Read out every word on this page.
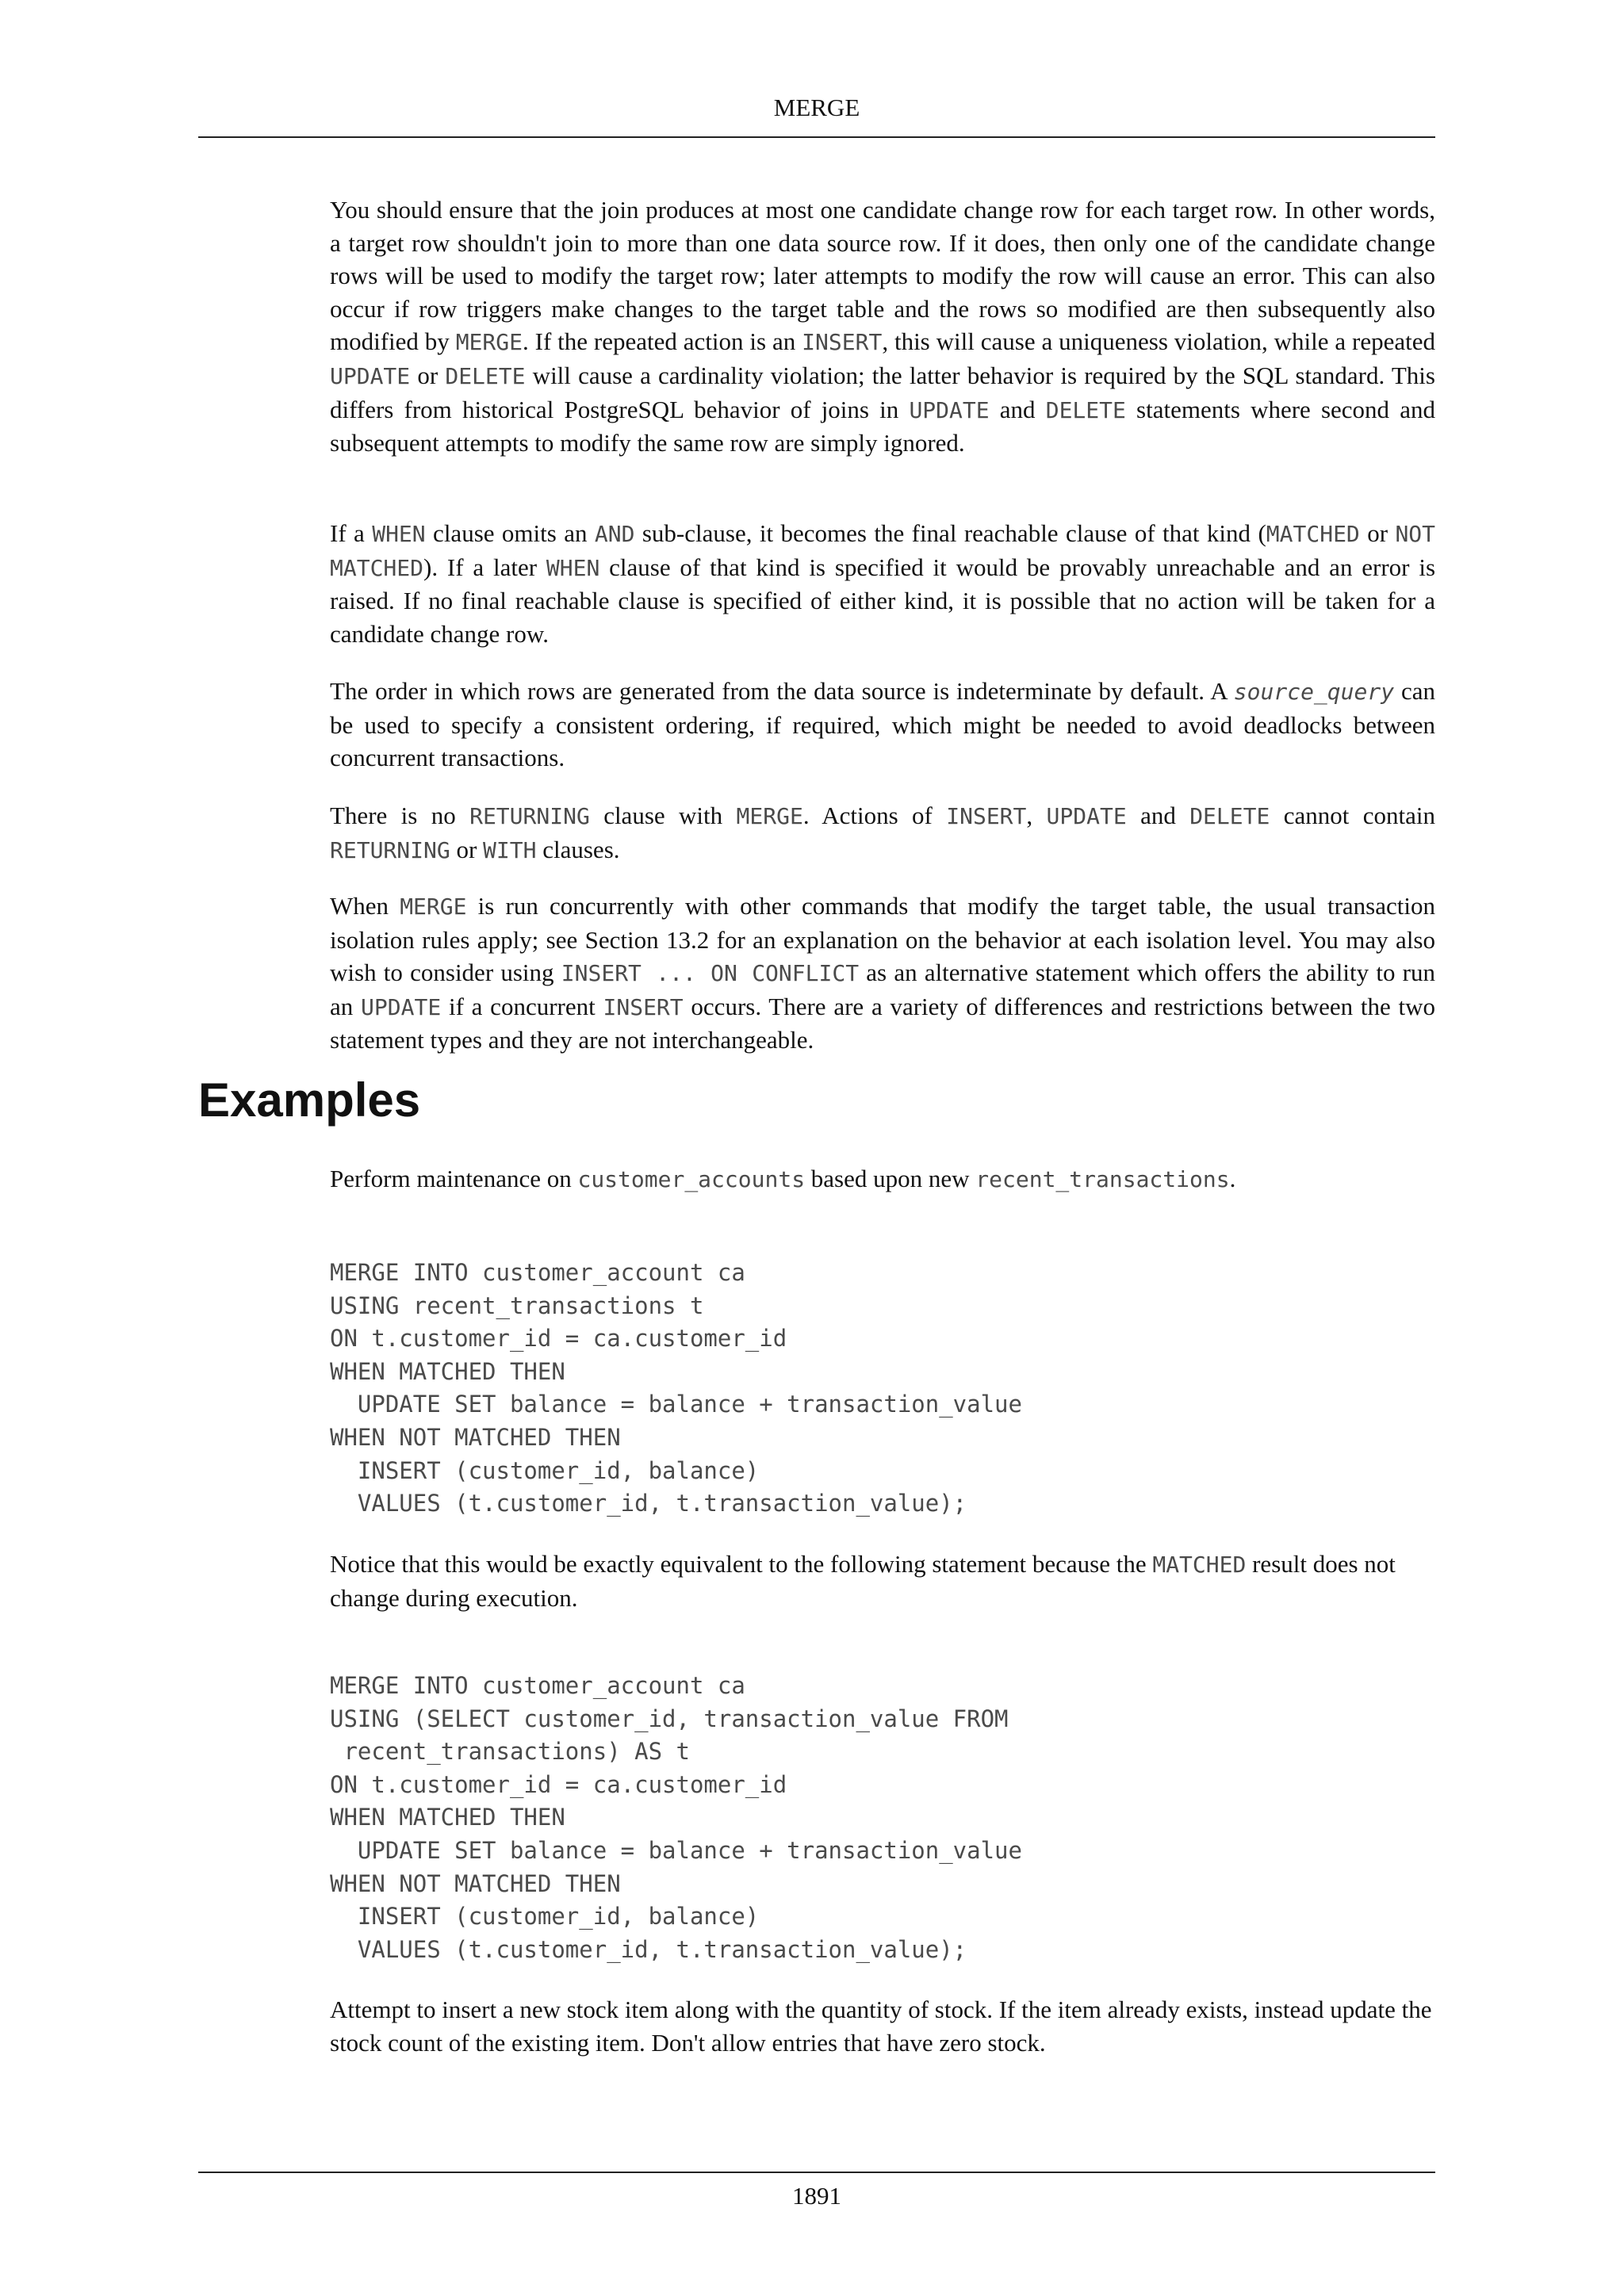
MERGE

You should ensure that the join produces at most one candidate change row for each target row. In other words, a target row shouldn't join to more than one data source row. If it does, then only one of the candidate change rows will be used to modify the target row; later attempts to modify the row will cause an error. This can also occur if row triggers make changes to the target table and the rows so modified are then subsequently also modified by MERGE. If the repeated action is an INSERT, this will cause a uniqueness violation, while a repeated UPDATE or DELETE will cause a cardinality violation; the latter behavior is required by the SQL standard. This differs from historical PostgreSQL behavior of joins in UPDATE and DELETE statements where second and subsequent attempts to modify the same row are simply ignored.

If a WHEN clause omits an AND sub-clause, it becomes the final reachable clause of that kind (MATCHED or NOT MATCHED). If a later WHEN clause of that kind is specified it would be provably unreachable and an error is raised. If no final reachable clause is specified of either kind, it is possible that no action will be taken for a candidate change row.

The order in which rows are generated from the data source is indeterminate by default. A source_query can be used to specify a consistent ordering, if required, which might be needed to avoid deadlocks between concurrent transactions.

There is no RETURNING clause with MERGE. Actions of INSERT, UPDATE and DELETE cannot contain RETURNING or WITH clauses.

When MERGE is run concurrently with other commands that modify the target table, the usual transaction isolation rules apply; see Section 13.2 for an explanation on the behavior at each isolation level. You may also wish to consider using INSERT ... ON CONFLICT as an alternative statement which offers the ability to run an UPDATE if a concurrent INSERT occurs. There are a variety of differences and restrictions between the two statement types and they are not interchangeable.

Examples

Perform maintenance on customer_accounts based upon new recent_transactions.

MERGE INTO customer_account ca
USING recent_transactions t
ON t.customer_id = ca.customer_id
WHEN MATCHED THEN
UPDATE SET balance = balance + transaction_value
WHEN NOT MATCHED THEN
INSERT (customer_id, balance)
VALUES (t.customer_id, t.transaction_value);

Notice that this would be exactly equivalent to the following statement because the MATCHED result does not change during execution.

MERGE INTO customer_account ca
USING (SELECT customer_id, transaction_value FROM
recent_transactions) AS t
ON t.customer_id = ca.customer_id
WHEN MATCHED THEN
UPDATE SET balance = balance + transaction_value
WHEN NOT MATCHED THEN
INSERT (customer_id, balance)
VALUES (t.customer_id, t.transaction_value);

Attempt to insert a new stock item along with the quantity of stock. If the item already exists, instead update the stock count of the existing item. Don't allow entries that have zero stock.

1891
